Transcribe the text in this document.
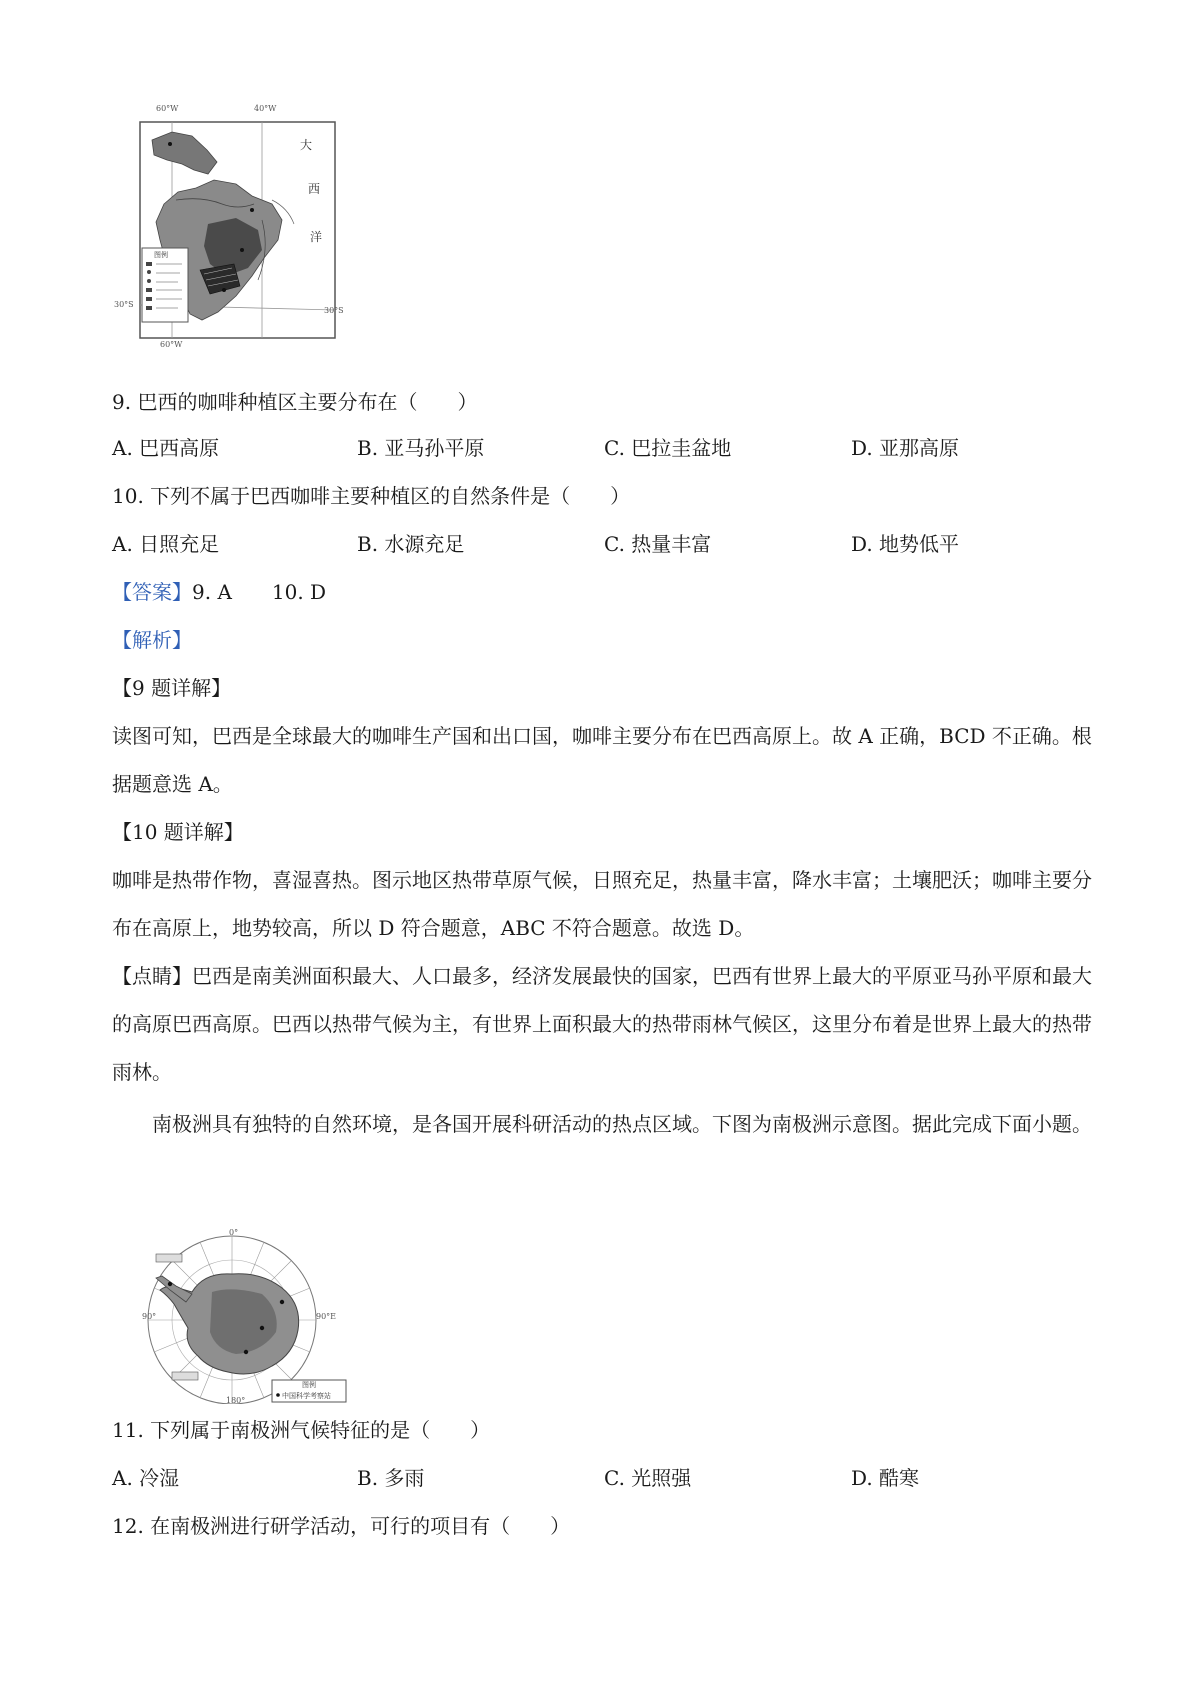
60°W	40°W
大
西
洋
60°W
30°S
30°S
图例
9. 巴西的咖啡种植区主要分布在（　　）
A. 巴西高原	B. 亚马孙平原	C. 巴拉圭盆地	D. 亚那高原
10. 下列不属于巴西咖啡主要种植区的自然条件是（　　）
A. 日照充足	B. 水源充足	C. 热量丰富	D. 地势低平
【答案】9. A　　10. D
【解析】
【9 题详解】
读图可知，巴西是全球最大的咖啡生产国和出口国，咖啡主要分布在巴西高原上。故 A 正确，BCD 不正确。根据题意选 A。
【10 题详解】
咖啡是热带作物，喜湿喜热。图示地区热带草原气候，日照充足，热量丰富，降水丰富；土壤肥沃；咖啡主要分布在高原上，地势较高，所以 D 符合题意，ABC 不符合题意。故选 D。
【点睛】巴西是南美洲面积最大、人口最多，经济发展最快的国家，巴西有世界上最大的平原亚马孙平原和最大的高原巴西高原。巴西以热带气候为主，有世界上面积最大的热带雨林气候区，这里分布着是世界上最大的热带雨林。
南极洲具有独特的自然环境，是各国开展科研活动的热点区域。下图为南极洲示意图。据此完成下面小题。
0°
90°	90°E
180°
图例
中国科学考察站
11. 下列属于南极洲气候特征的是（　　）
A. 冷湿	B. 多雨	C. 光照强	D. 酷寒
12. 在南极洲进行研学活动，可行的项目有（　　）
